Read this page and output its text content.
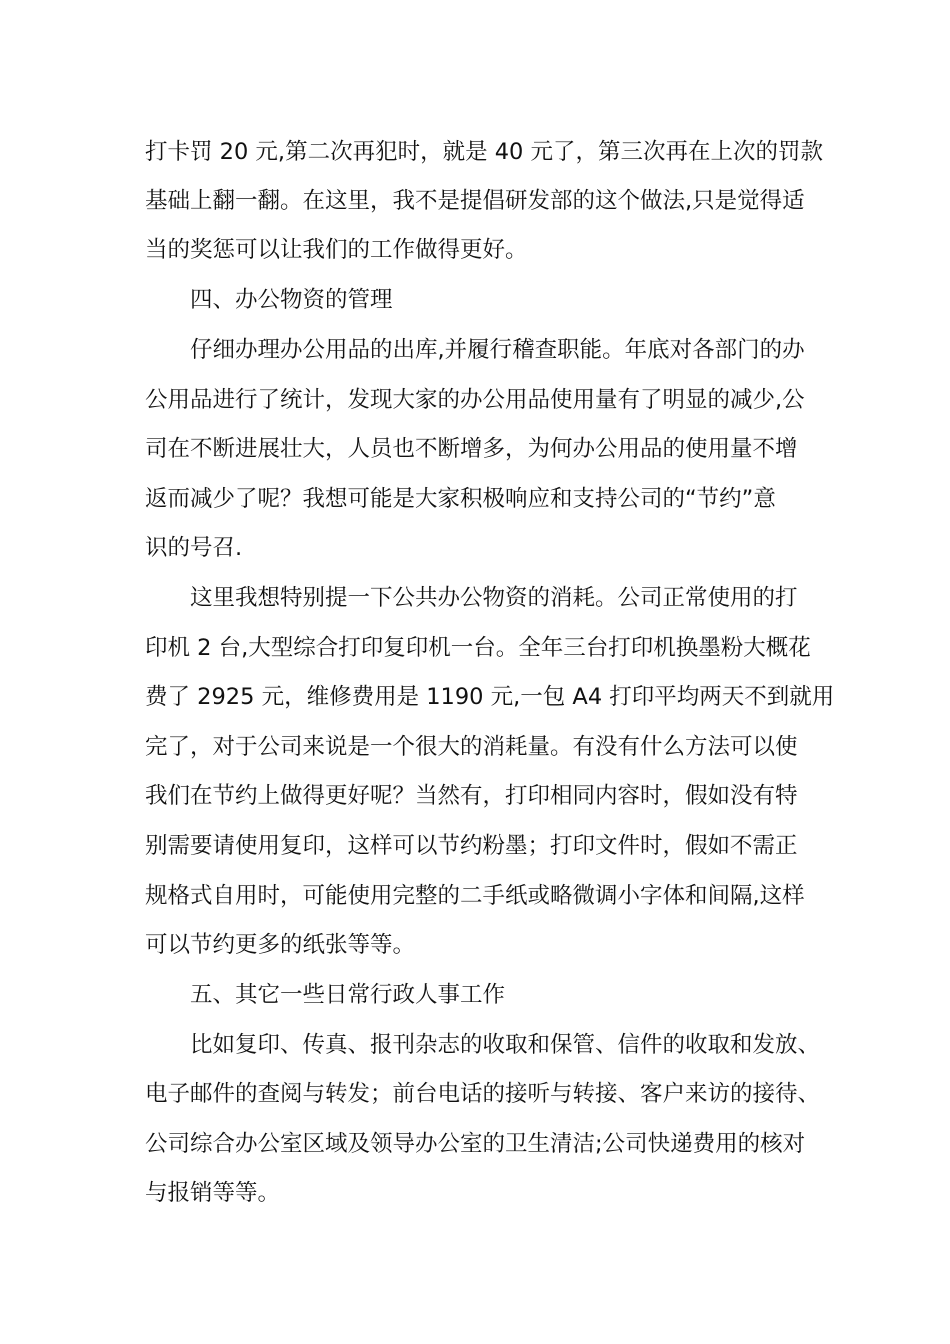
打卡罚 20 元,第二次再犯时，就是 40 元了，第三次再在上次的罚款
基础上翻一翻。在这里，我不是提倡研发部的这个做法,只是觉得适
当的奖惩可以让我们的工作做得更好。
四、办公物资的管理
仔细办理办公用品的出库,并履行稽查职能。年底对各部门的办
公用品进行了统计，发现大家的办公用品使用量有了明显的减少,公
司在不断进展壮大，人员也不断增多，为何办公用品的使用量不增
返而减少了呢？我想可能是大家积极响应和支持公司的“节约”意
识的号召.
这里我想特别提一下公共办公物资的消耗。公司正常使用的打
印机 2 台,大型综合打印复印机一台。全年三台打印机换墨粉大概花
费了 2925 元，维修费用是 1190 元,一包 A4 打印平均两天不到就用
完了，对于公司来说是一个很大的消耗量。有没有什么方法可以使
我们在节约上做得更好呢？当然有，打印相同内容时，假如没有特
别需要请使用复印，这样可以节约粉墨；打印文件时，假如不需正
规格式自用时，可能使用完整的二手纸或略微调小字体和间隔,这样
可以节约更多的纸张等等。
五、其它一些日常行政人事工作
比如复印、传真、报刊杂志的收取和保管、信件的收取和发放、
电子邮件的查阅与转发；前台电话的接听与转接、客户来访的接待、
公司综合办公室区域及领导办公室的卫生清洁;公司快递费用的核对
与报销等等。
